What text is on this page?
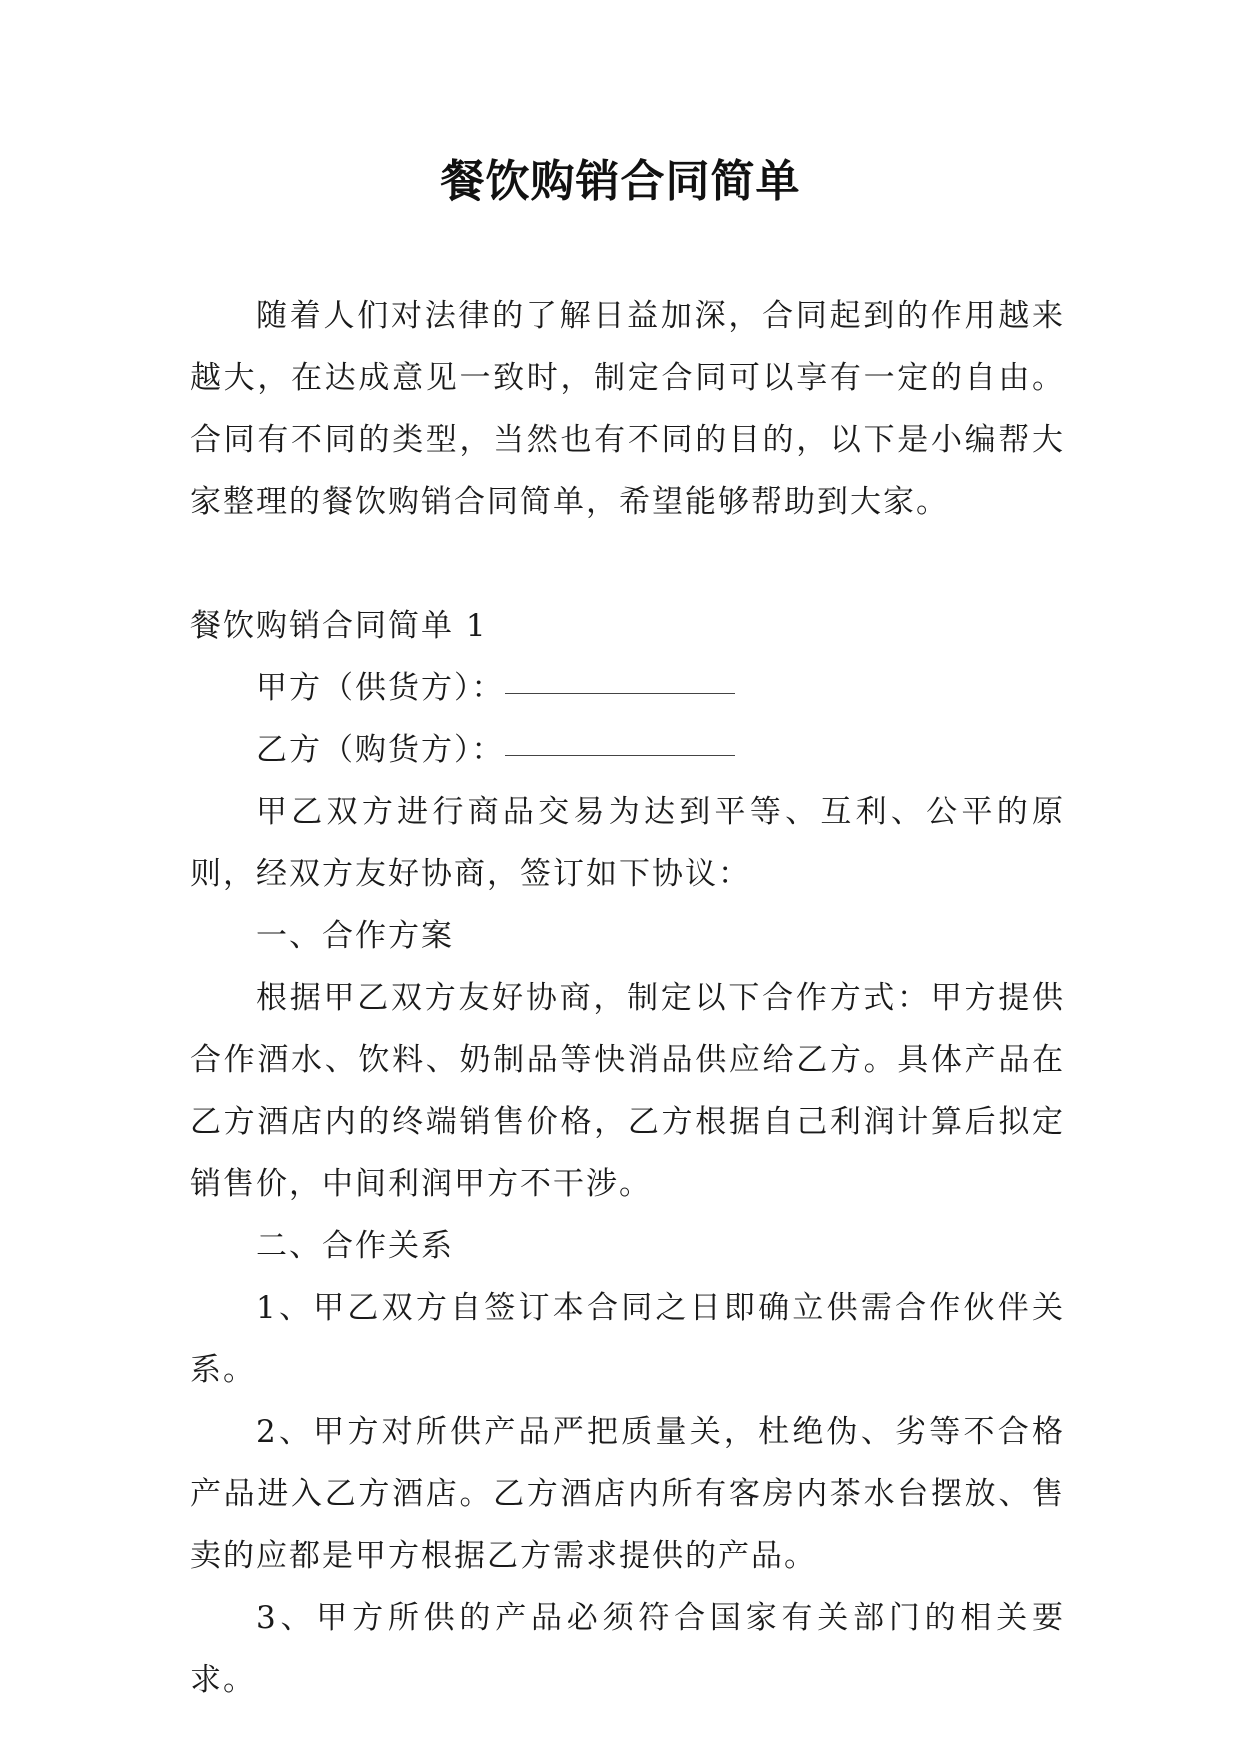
餐饮购销合同简单

随着人们对法律的了解日益加深，合同起到的作用越来越大，在达成意见一致时，制定合同可以享有一定的自由。合同有不同的类型，当然也有不同的目的，以下是小编帮大家整理的餐饮购销合同简单，希望能够帮助到大家。

餐饮购销合同简单 1

甲方（供货方）：

乙方（购货方）：

甲乙双方进行商品交易为达到平等、互利、公平的原则，经双方友好协商，签订如下协议：

一、合作方案

根据甲乙双方友好协商，制定以下合作方式：甲方提供合作酒水、饮料、奶制品等快消品供应给乙方。具体产品在乙方酒店内的终端销售价格，乙方根据自己利润计算后拟定销售价，中间利润甲方不干涉。

二、合作关系

1、甲乙双方自签订本合同之日即确立供需合作伙伴关系。

2、甲方对所供产品严把质量关，杜绝伪、劣等不合格产品进入乙方酒店。乙方酒店内所有客房内茶水台摆放、售卖的应都是甲方根据乙方需求提供的产品。

3、甲方所供的产品必须符合国家有关部门的相关要求。
